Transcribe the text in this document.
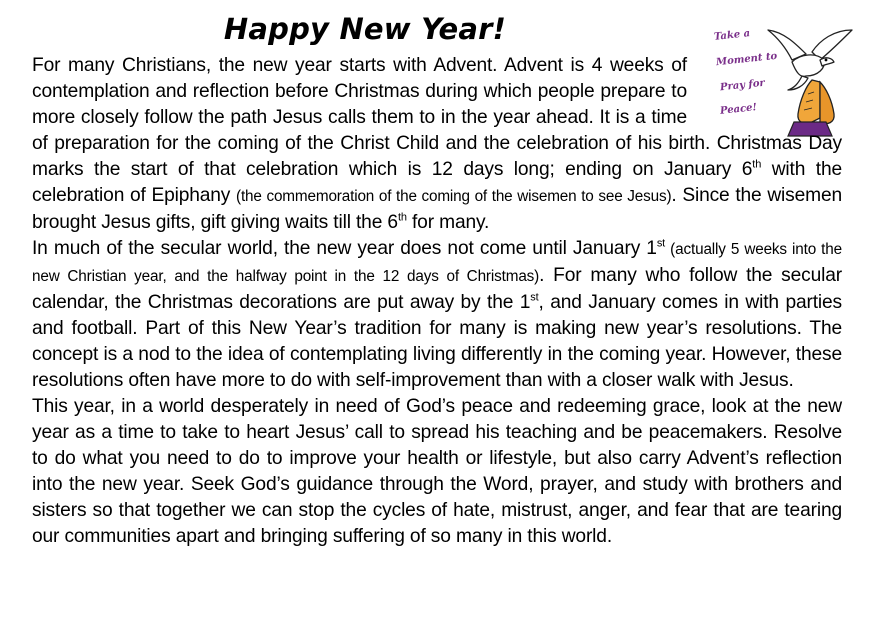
Happy New Year!	Take a
Moment to
Pray for
Peace!

For many Christians, the new year starts with Advent. Advent is 4 weeks of contemplation and reflection before Christmas during which people prepare to more closely follow the path Jesus calls them to in the year ahead. It is a time of preparation for the coming of the Christ Child and the celebration of his birth. Christmas Day marks the start of that celebration which is 12 days long; ending on January 6th with the celebration of Epiphany (the commemoration of the coming of the wisemen to see Jesus). Since the wisemen brought Jesus gifts, gift giving waits till the 6th for many.

In much of the secular world, the new year does not come until January 1st (actually 5 weeks into the new Christian year, and the halfway point in the 12 days of Christmas). For many who follow the secular calendar, the Christmas decorations are put away by the 1st, and January comes in with parties and football. Part of this New Year’s tradition for many is making new year’s resolutions. The concept is a nod to the idea of contemplating living differently in the coming year. However, these resolutions often have more to do with self-improvement than with a closer walk with Jesus.

This year, in a world desperately in need of God’s peace and redeeming grace, look at the new year as a time to take to heart Jesus’ call to spread his teaching and be peacemakers. Resolve to do what you need to do to improve your health or lifestyle, but also carry Advent’s reflection into the new year. Seek God’s guidance through the Word, prayer, and study with brothers and sisters so that together we can stop the cycles of hate, mistrust, anger, and fear that are tearing our communities apart and bringing suffering of so many in this world.
